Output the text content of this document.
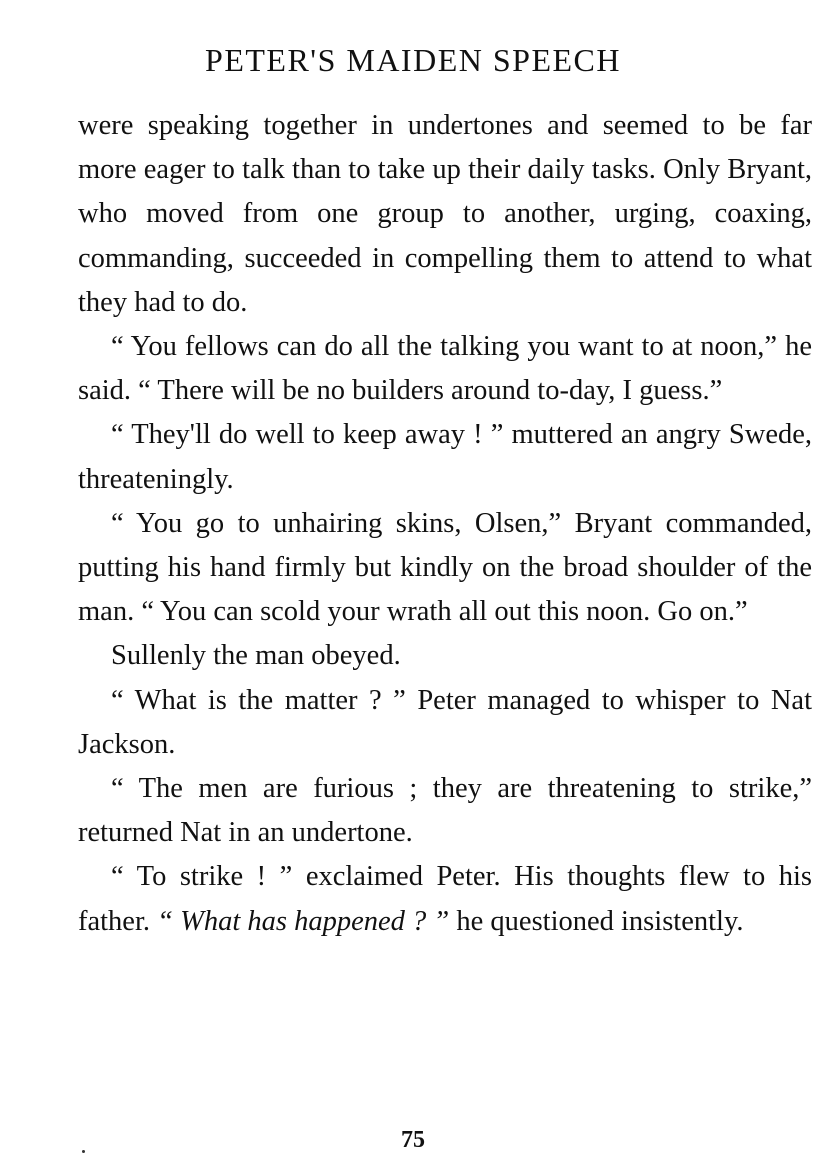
PETER'S MAIDEN SPEECH

were speaking together in undertones and seemed to be far more eager to talk than to take up their daily tasks. Only Bryant, who moved from one group to another, urging, coaxing, commanding, succeeded in compelling them to attend to what they had to do.

“ You fellows can do all the talking you want to at noon,” he said. “ There will be no builders around to-day, I guess.”

“ They'll do well to keep away ! ” muttered an angry Swede, threateningly.

“ You go to unhairing skins, Olsen,” Bryant commanded, putting his hand firmly but kindly on the broad shoulder of the man. “ You can scold your wrath all out this noon. Go on.”

Sullenly the man obeyed.

“ What is the matter ? ” Peter managed to whisper to Nat Jackson.

“ The men are furious ; they are threatening to strike,” returned Nat in an undertone.

“ To strike ! ” exclaimed Peter. His thoughts flew to his father. “ What has happened ? ” he questioned insistently.

75
